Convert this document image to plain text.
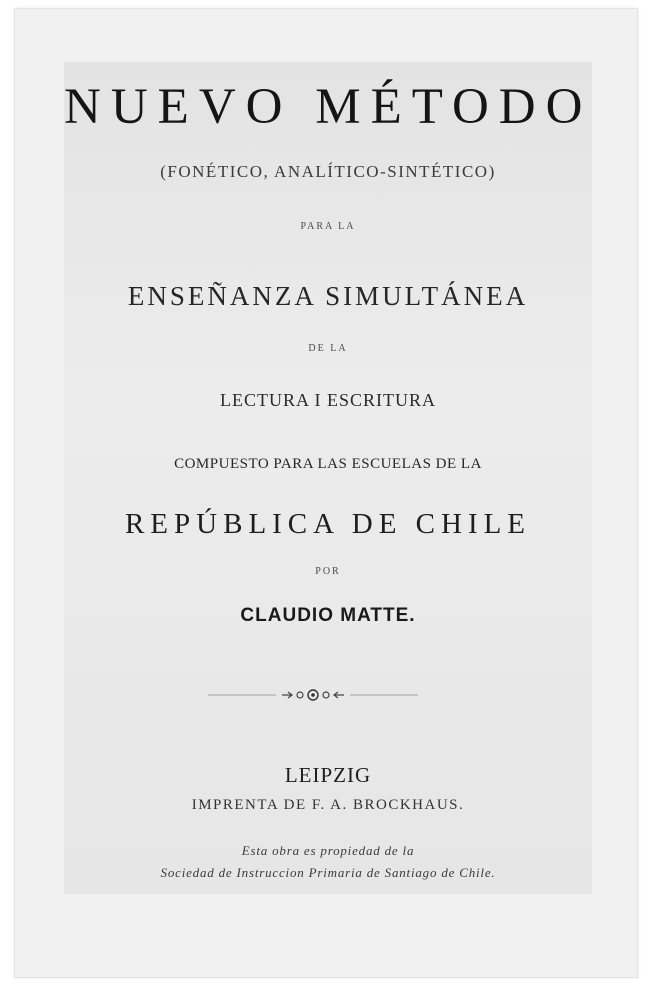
NUEVO MÉTODO
(FONÉTICO, ANALÍTICO-SINTÉTICO)
PARA LA
ENSEÑANZA SIMULTÁNEA
DE LA
LECTURA I ESCRITURA
COMPUESTO PARA LAS ESCUELAS DE LA
REPÚBLICA DE CHILE
POR
CLAUDIO MATTE.
LEIPZIG
IMPRENTA DE F. A. BROCKHAUS.
Esta obra es propiedad de la
Sociedad de Instruccion Primaria de Santiago de Chile.
